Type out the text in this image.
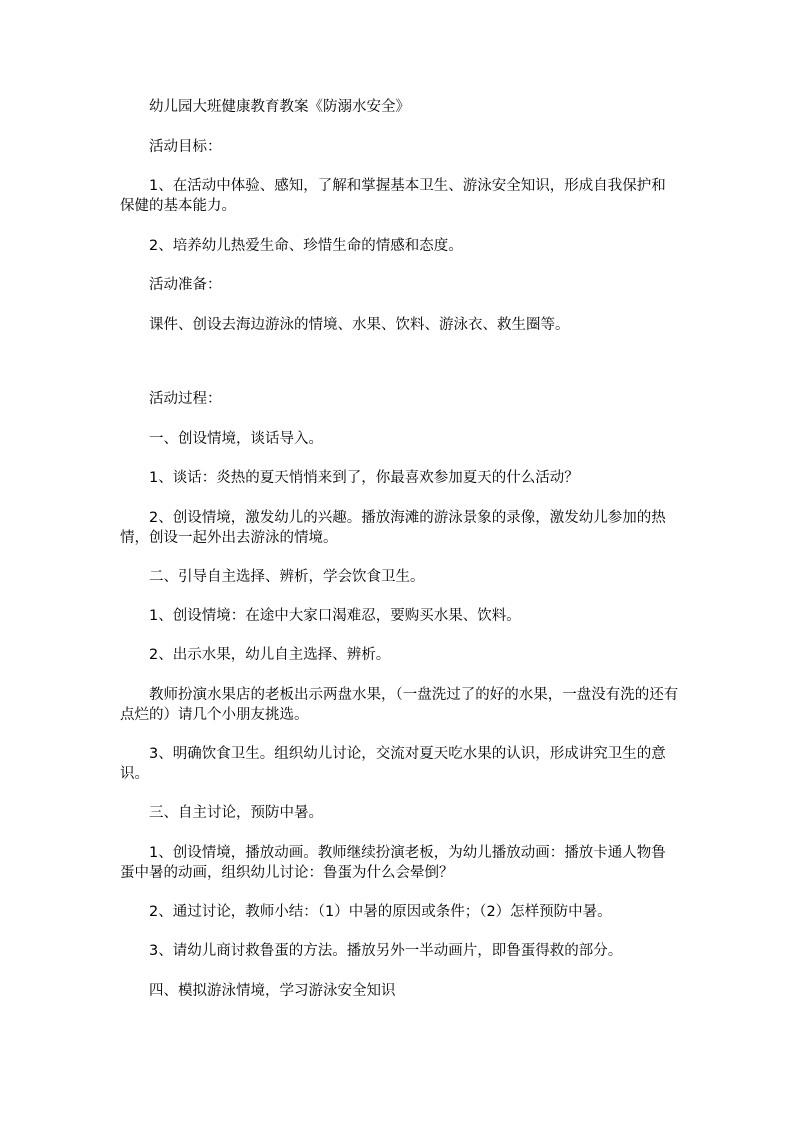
幼儿园大班健康教育教案《防溺水安全》

活动目标：

1、在活动中体验、感知，了解和掌握基本卫生、游泳安全知识，形成自我保护和保健的基本能力。

2、培养幼儿热爱生命、珍惜生命的情感和态度。

活动准备：

课件、创设去海边游泳的情境、水果、饮料、游泳衣、救生圈等。

活动过程：

一、创设情境，谈话导入。

1、谈话：炎热的夏天悄悄来到了，你最喜欢参加夏天的什么活动？

2、创设情境，激发幼儿的兴趣。播放海滩的游泳景象的录像，激发幼儿参加的热情，创设一起外出去游泳的情境。

二、引导自主选择、辨析，学会饮食卫生。

1、创设情境：在途中大家口渴难忍，要购买水果、饮料。

2、出示水果，幼儿自主选择、辨析。

教师扮演水果店的老板出示两盘水果，（一盘洗过了的好的水果，一盘没有洗的还有点烂的）请几个小朋友挑选。

3、明确饮食卫生。组织幼儿讨论，交流对夏天吃水果的认识，形成讲究卫生的意识。

三、自主讨论，预防中暑。

1、创设情境，播放动画。教师继续扮演老板，为幼儿播放动画：播放卡通人物鲁蛋中暑的动画，组织幼儿讨论：鲁蛋为什么会晕倒？

2、通过讨论，教师小结：（1）中暑的原因或条件；（2）怎样预防中暑。

3、请幼儿商讨救鲁蛋的方法。播放另外一半动画片，即鲁蛋得救的部分。

四、模拟游泳情境，学习游泳安全知识
